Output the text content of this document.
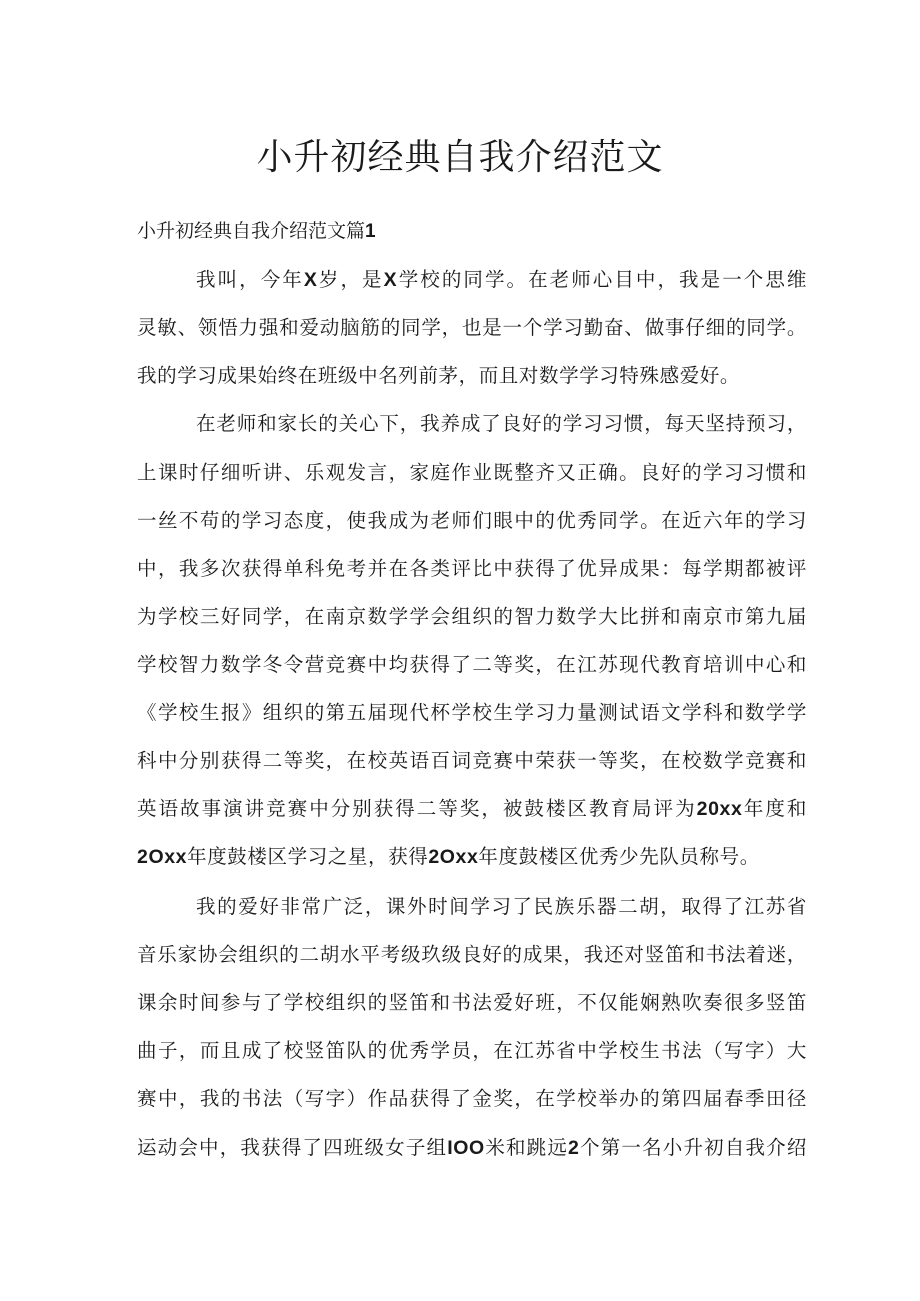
小升初经典自我介绍范文
小升初经典自我介绍范文篇1
我叫，今年X岁，是X学校的同学。在老师心目中，我是一个思维
灵敏、领悟力强和爱动脑筋的同学，也是一个学习勤奋、做事仔细的同学。
我的学习成果始终在班级中名列前茅，而且对数学学习特殊感爱好。
在老师和家长的关心下，我养成了良好的学习习惯，每天坚持预习，
上课时仔细听讲、乐观发言，家庭作业既整齐又正确。良好的学习习惯和
一丝不苟的学习态度，使我成为老师们眼中的优秀同学。在近六年的学习
中，我多次获得单科免考并在各类评比中获得了优异成果：每学期都被评
为学校三好同学，在南京数学学会组织的智力数学大比拼和南京市第九届
学校智力数学冬令营竞赛中均获得了二等奖，在江苏现代教育培训中心和
《学校生报》组织的第五届现代杯学校生学习力量测试语文学科和数学学
科中分别获得二等奖，在校英语百词竞赛中荣获一等奖，在校数学竞赛和
英语故事演讲竞赛中分别获得二等奖，被鼓楼区教育局评为20xx年度和
2Oxx年度鼓楼区学习之星，获得2Oxx年度鼓楼区优秀少先队员称号。
我的爱好非常广泛，课外时间学习了民族乐器二胡，取得了江苏省
音乐家协会组织的二胡水平考级玖级良好的成果，我还对竖笛和书法着迷，
课余时间参与了学校组织的竖笛和书法爱好班，不仅能娴熟吹奏很多竖笛
曲子，而且成了校竖笛队的优秀学员，在江苏省中学校生书法（写字）大
赛中，我的书法（写字）作品获得了金奖，在学校举办的第四届春季田径
运动会中，我获得了四班级女子组IOO米和跳远2个第一名小升初自我介绍
